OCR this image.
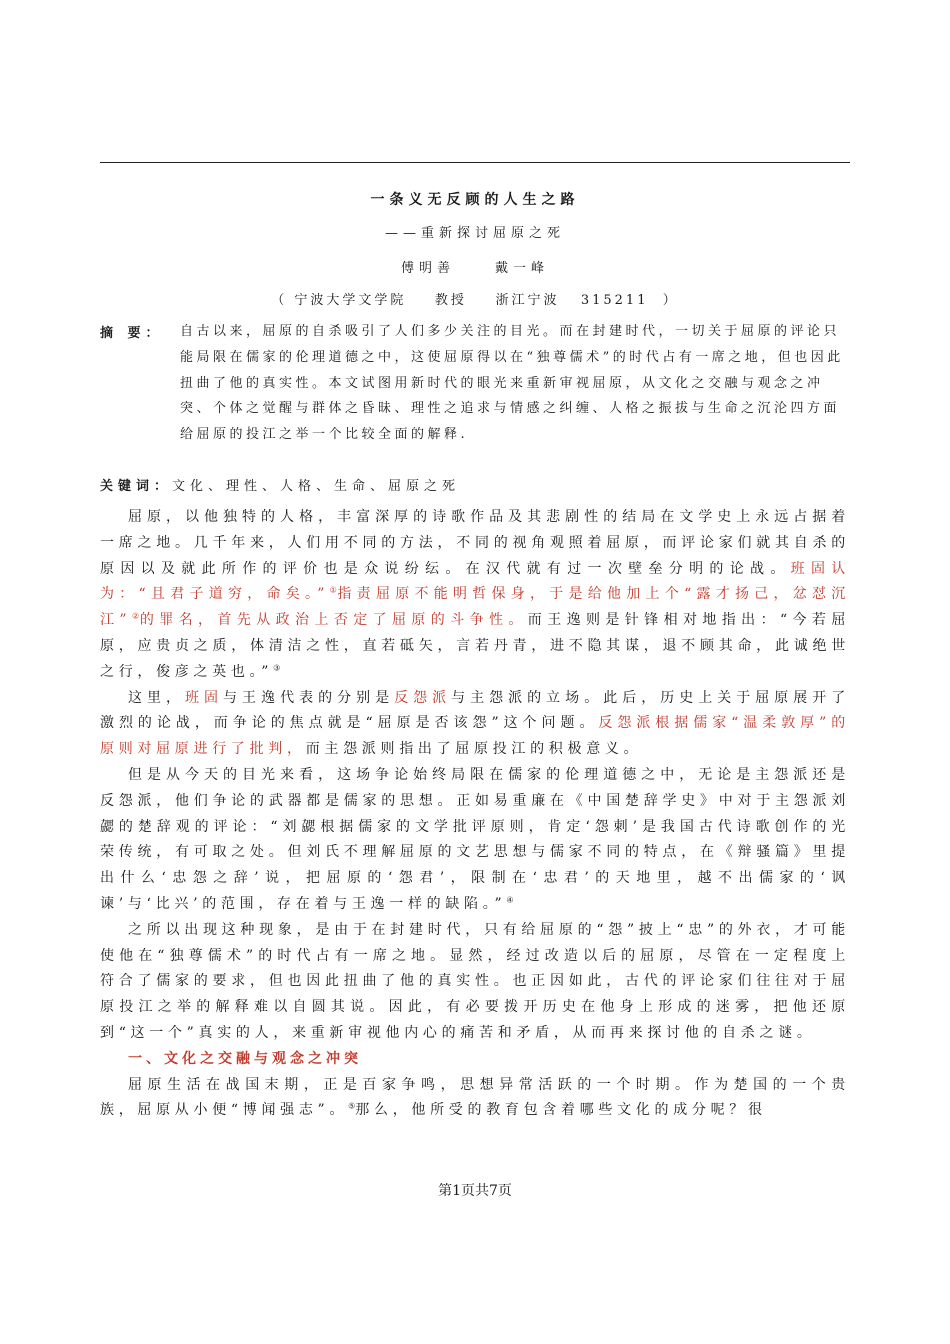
一条义无反顾的人生之路
——重新探讨屈原之死
傅明善	戴一峰
（ 宁波大学文学院    教授    浙江宁波   315211  ）
摘 要： 自古以来，屈原的自杀吸引了人们多少关注的目光。而在封建时代，一切关于屈原的评论只能局限在儒家的伦理道德之中，这使屈原得以在“独尊儒术”的时代占有一席之地，但也因此扭曲了他的真实性。本文试图用新时代的眼光来重新审视屈原，从文化之交融与观念之冲突、个体之觉醒与群体之昏昧、理性之追求与情感之纠缠、人格之振拔与生命之沉沦四方面给屈原的投江之举一个比较全面的解释.
关键词：文化、理性、人格、生命、屈原之死

屈原，以他独特的人格，丰富深厚的诗歌作品及其悲剧性的结局在文学史上永远占据着一席之地。几千年来，人们用不同的方法，不同的视角观照着屈原，而评论家们就其自杀的原因以及就此所作的评价也是众说纷纭。在汉代就有过一次壁垒分明的论战。班固认为：“且君子道穷，命矣。”①指责屈原不能明哲保身，于是给他加上个“露才扬己，忿怼沉江”②的罪名，首先从政治上否定了屈原的斗争性。而王逸则是针锋相对地指出：“今若屈原，应贵贞之质，体清洁之性，直若砥矢，言若丹青，进不隐其谋，退不顾其命，此诚绝世之行，俊彦之英也。”③

这里，班固与王逸代表的分别是反怨派与主怨派的立场。此后，历史上关于屈原展开了激烈的论战，而争论的焦点就是“屈原是否该怨”这个问题。反怨派根据儒家“温柔敦厚”的原则对屈原进行了批判，而主怨派则指出了屈原投江的积极意义。

但是从今天的目光来看，这场争论始终局限在儒家的伦理道德之中，无论是主怨派还是反怨派，他们争论的武器都是儒家的思想。正如易重廉在《中国楚辞学史》中对于主怨派刘勰的楚辞观的评论：“刘勰根据儒家的文学批评原则，肯定‘怨刺’是我国古代诗歌创作的光荣传统，有可取之处。但刘氏不理解屈原的文艺思想与儒家不同的特点，在《辩骚篇》里提出什么‘忠怨之辞’说，把屈原的‘怨君’，限制在‘忠君’的天地里，越不出儒家的‘讽谏’与‘比兴’的范围，存在着与王逸一样的缺陷。”④

之所以出现这种现象，是由于在封建时代，只有给屈原的“怨”披上“忠”的外衣，才可能使他在“独尊儒术”的时代占有一席之地。显然，经过改造以后的屈原，尽管在一定程度上符合了儒家的要求，但也因此扭曲了他的真实性。也正因如此，古代的评论家们往往对于屈原投江之举的解释难以自圆其说。因此，有必要拨开历史在他身上形成的迷雾，把他还原到“这一个”真实的人，来重新审视他内心的痛苦和矛盾，从而再来探讨他的自杀之谜。

一、文化之交融与观念之冲突

屈原生活在战国末期，正是百家争鸣，思想异常活跃的一个时期。作为楚国的一个贵族，屈原从小便“博闻强志”。⑤那么，他所受的教育包含着哪些文化的成分呢？很

第1页共7页
